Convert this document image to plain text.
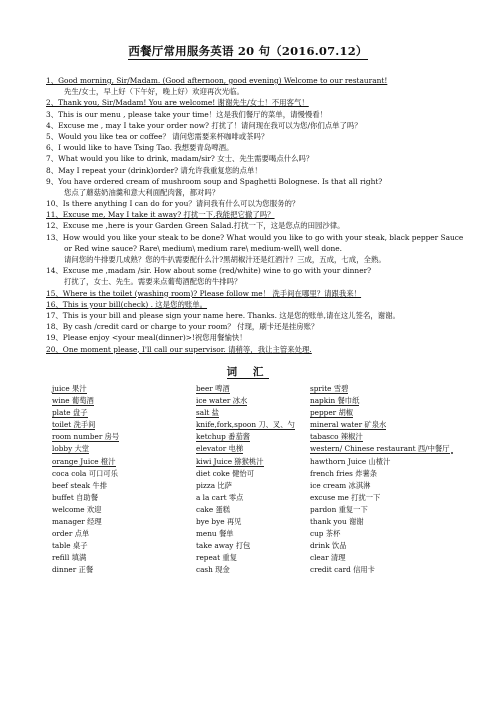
西餐厅常用服务英语 20 句（2016.07.12）
1、Good morning, Sir/Madam. (Good afternoon, good evening) Welcome to our restaurant!
先生/女士，早上好（下午好，晚上好）欢迎再次光临。
2、Thank you, Sir/Madam! You are welcome! 谢谢先生/女士！不用客气！
3、This is our menu , please take your time！这是我们餐厅的菜单，请慢慢看！
4、Excuse me , may I take your order now? 打扰了！请问现在我可以为您/你们点单了吗？
5、Would you like tea or coffee？ 请问您需要来杯咖啡或茶吗？
6、I would like to have Tsing Tao. 我想要青岛啤酒。
7、What would you like to drink, madam/sir? 女士、先生需要喝点什么吗？
8、May I repeat your (drink)order? 请允许我重复您的点单！
9、You have ordered cream of mushroom soup and Spaghetti Bolognese. Is that all right?
您点了蘑菇奶油羹和意大利面配肉酱，都对吗？
10、Is there anything I can do for you？请问我有什么可以为您服务的？
11、Excuse me, May I take it away? 打扰一下,我能把它撤了吗？
12、Excuse me ,here is your Garden Green Salad.打扰一下，这是您点的田园沙律。
13、How would you like your steak to be done? What would you like to go with your steak, black pepper Sauce
or Red wine sauce? Rare\ medium\ medium rare\ medium-well\ well done.
请问您的牛排要几成熟？您的牛扒需要配什么汁?黑胡椒汁还是红酒汁？三成，五成，七成，全熟。
14、Excuse me ,madam /sir. How about some (red/white) wine to go with your dinner?
打扰了，女士、先生。需要来点葡萄酒配您的牛排吗？
15、Where is the toilet (washing room)? Please follow me！ 洗手间在哪里？请跟我来！
16、This is your bill(check) . 这是您的账单。
17、This is your bill and please sign your name here. Thanks. 这是您的账单,请在这儿签名，谢谢。
18、By cash /credit card or charge to your room？ 付现，刷卡还是挂房账？
19、Please enjoy <your meal(dinner)>!祝您用餐愉快！
20、One moment please, I'll call our supervisor. 请稍等，我让主管来处理.
词 汇
juice 果汁	beer 啤酒	sprite 雪碧
wine 葡萄酒	ice water 冰水	napkin 餐巾纸
plate 盘子	salt 盐	pepper 胡椒
toilet 洗手间	knife,fork,spoon 刀、叉、勺	mineral water 矿泉水
room number 房号	ketchup 番茄酱	tabasco 辣椒汁
lobby 大堂	elevator 电梯	western/ Chinese restaurant 西/中餐厅
orange Juice 橙汁	kiwi Juice 猕猴桃汁	hawthorn Juice 山楂汁
coca cola 可口可乐	diet coke 健怡可	french fries 炸薯条
beef steak 牛排	pizza 比萨	ice cream 冰淇淋
buffet 自助餐	a la cart 零点	excuse me 打扰一下
welcome 欢迎	cake 蛋糕	pardon 重复一下
manager 经理	bye bye 再见	thank you 谢谢
order 点单	menu 餐单	cup 茶杯
table 桌子	take away 打包	drink 饮品
refill 填满	repeat 重复	clear 清理
dinner 正餐	cash 现金	credit card 信用卡
